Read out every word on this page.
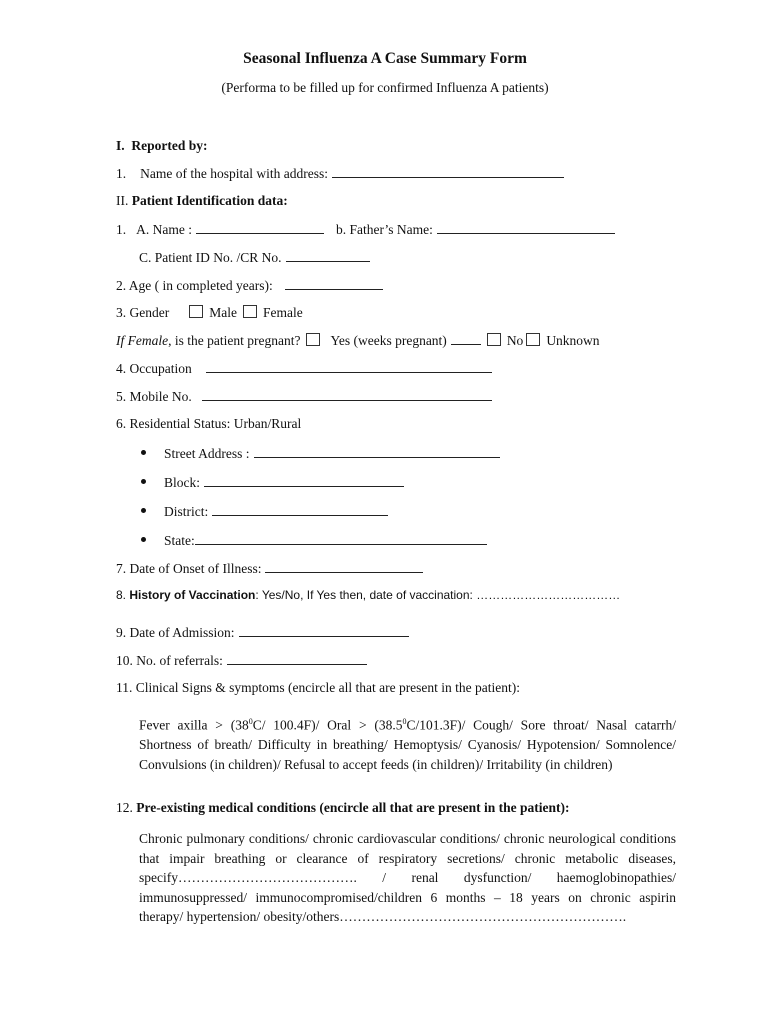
Seasonal Influenza A Case Summary Form
(Performa to be filled up for confirmed Influenza A patients)
I. Reported by:
1. Name of the hospital with address:
II. Patient Identification data:
1. A. Name :	b. Father’s Name:
C. Patient ID No. /CR No.
2. Age ( in completed years):
3. Gender	Male Female
If Female, is the patient pregnant? Yes (weeks pregnant)	No Unknown
4. Occupation
5. Mobile No.
6. Residential Status: Urban/Rural
Street Address :
Block:
District:
State:
7. Date of Onset of Illness:
8. History of Vaccination: Yes/No, If Yes then, date of vaccination: ………………………………
9. Date of Admission:
10. No. of referrals:
11. Clinical Signs & symptoms (encircle all that are present in the patient):
Fever axilla > ($38^0C/$ 100.4F)/ Oral > $(38.5^0C/101.3F)/$ Cough/ Sore throat/ Nasal catarrh/ Shortness of breath/ Difficulty in breathing/ Hemoptysis/ Cyanosis/ Hypotension/ Somnolence/ Convulsions (in children)/ Refusal to accept feeds (in children)/ Irritability (in children)
12. Pre-existing medical conditions (encircle all that are present in the patient):
Chronic pulmonary conditions/ chronic cardiovascular conditions/ chronic neurological conditions that impair breathing or clearance of respiratory secretions/ chronic metabolic diseases, specify…………………………………. / renal dysfunction/ haemoglobinopathies/ immunosuppressed/ immunocompromised/children 6 months – 18 years on chronic aspirin therapy/ hypertension/ obesity/others……………………………………………………….
